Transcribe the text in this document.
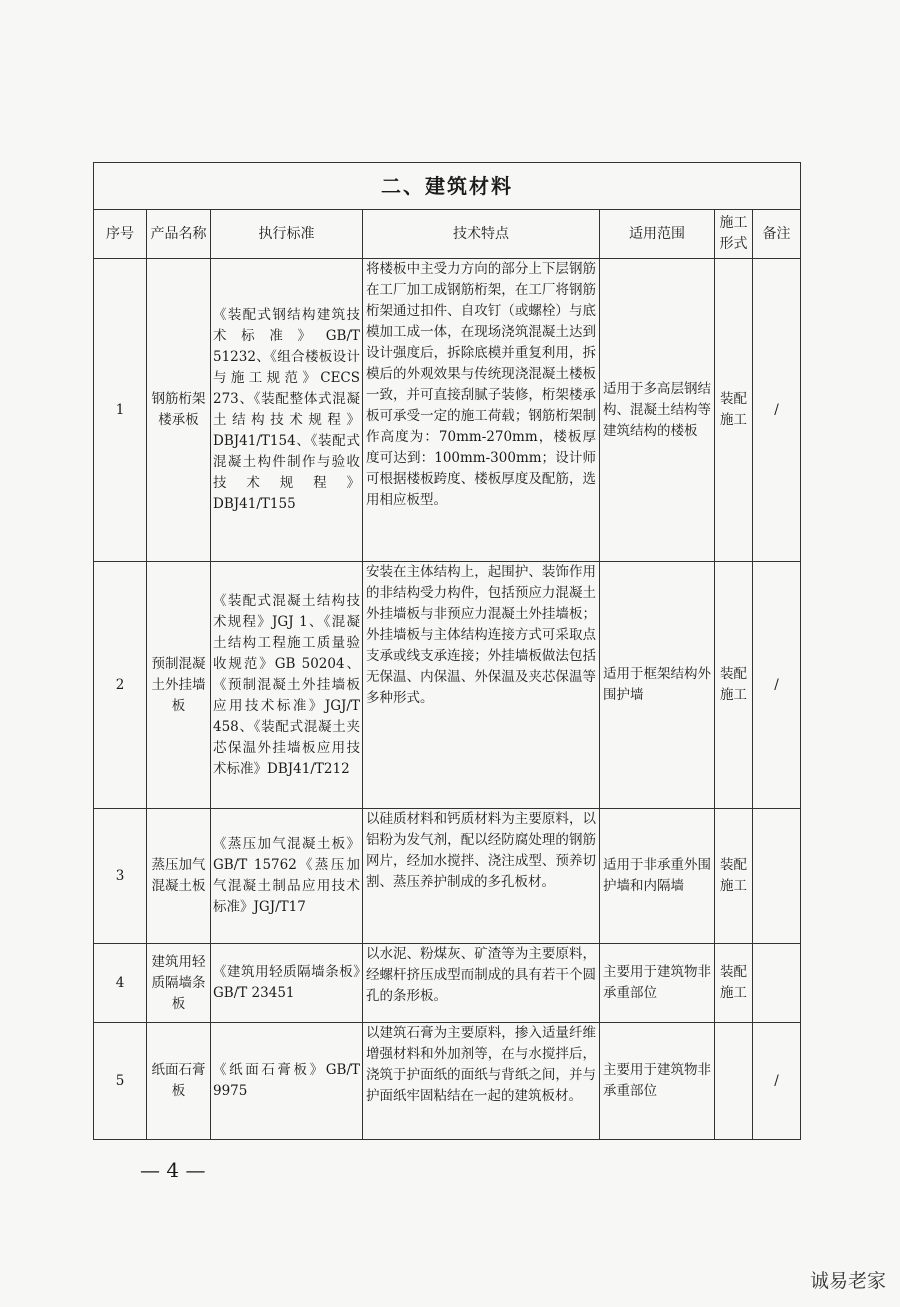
二、建筑材料						
序号	产品名称	执行标准	技术特点	适用范围	施工形式	备注
1	钢筋桁架楼承板	《装配式钢结构建筑技术标准》GB/T 51232、《组合楼板设计与施工规范》CECS 273、《装配整体式混凝土结构技术规程》DBJ41/T154、《装配式混凝土构件制作与验收技术规程》DBJ41/T155	将楼板中主受力方向的部分上下层钢筋在工厂加工成钢筋桁架，在工厂将钢筋桁架通过扣件、自攻钉（或螺栓）与底模加工成一体，在现场浇筑混凝土达到设计强度后，拆除底模并重复利用，拆模后的外观效果与传统现浇混凝土楼板一致，并可直接刮腻子装修，桁架楼承板可承受一定的施工荷载；钢筋桁架制作高度为：70mm-270mm，楼板厚度可达到：100mm-300mm；设计师可根据楼板跨度、楼板厚度及配筋，选用相应板型。	适用于多高层钢结构、混凝土结构等建筑结构的楼板	装配施工	/
2	预制混凝土外挂墙板	《装配式混凝土结构技术规程》JGJ 1、《混凝土结构工程施工质量验收规范》GB 50204、《预制混凝土外挂墙板应用技术标准》JGJ/T 458、《装配式混凝土夹芯保温外挂墙板应用技术标准》DBJ41/T212	安装在主体结构上，起围护、装饰作用的非结构受力构件，包括预应力混凝土外挂墙板与非预应力混凝土外挂墙板；外挂墙板与主体结构连接方式可采取点支承或线支承连接；外挂墙板做法包括无保温、内保温、外保温及夹芯保温等多种形式。	适用于框架结构外围护墙	装配施工	/
3	蒸压加气混凝土板	《蒸压加气混凝土板》GB/T 15762《蒸压加气混凝土制品应用技术标准》JGJ/T17	以硅质材料和钙质材料为主要原料，以铝粉为发气剂，配以经防腐处理的钢筋网片，经加水搅拌、浇注成型、预养切割、蒸压养护制成的多孔板材。	适用于非承重外围护墙和内隔墙	装配施工	
4	建筑用轻质隔墙条板	《建筑用轻质隔墙条板》GB/T 23451	以水泥、粉煤灰、矿渣等为主要原料，经螺杆挤压成型而制成的具有若干个圆孔的条形板。	主要用于建筑物非承重部位	装配施工	
5	纸面石膏板	《纸面石膏板》GB/T 9975	以建筑石膏为主要原料，掺入适量纤维增强材料和外加剂等，在与水搅拌后，浇筑于护面纸的面纸与背纸之间，并与护面纸牢固粘结在一起的建筑板材。	主要用于建筑物非承重部位		/
— 4 —
诚易老家
